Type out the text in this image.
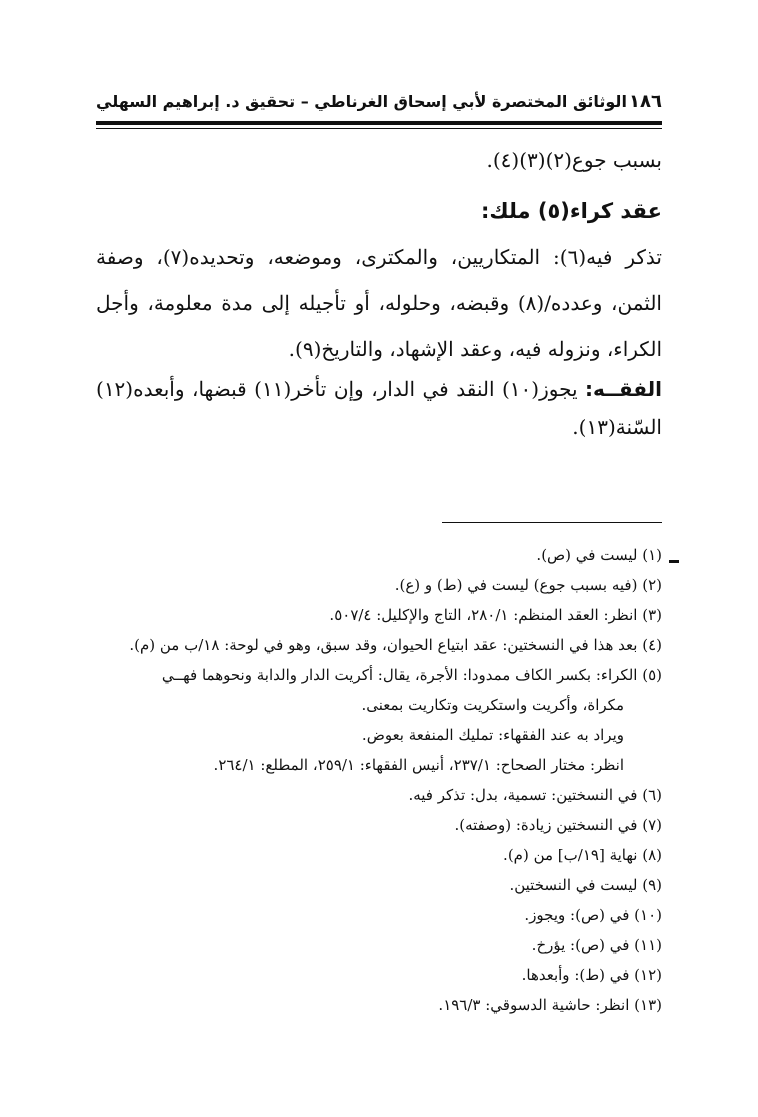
١٨٦
الوثائق المختصرة لأبي إسحاق الغرناطي – تحقيق د. إبراهيم السهلي
بسبب جوع(٢)(٣)(٤).
عقد كراء(٥) ملك:
تذكر فيه(٦): المتكاريين، والمكترى، وموضعه، وتحديده(٧)، وصفة الثمن، وعدده/(٨) وقبضه، وحلوله، أو تأجيله إلى مدة معلومة، وأجل الكراء، ونزوله فيه، وعقد الإشهاد، والتاريخ(٩).
الفقــه: يجوز(١٠) النقد في الدار، وإن تأخر(١١) قبضها، وأبعده(١٢) السّنة(١٣).
(١) ليست في (ص).
(٢) (فيه بسبب جوع) ليست في (ط) و (ع).
(٣) انظر: العقد المنظم: ٢٨٠/١، التاج والإكليل: ٥٠٧/٤.
(٤) بعد هذا في النسختين: عقد ابتياع الحيوان، وقد سبق، وهو في لوحة: ١٨/ب من (م).
(٥) الكراء: بكسر الكاف ممدودا: الأجرة، يقال: أكريت الدار والدابة ونحوهما فهــي
مكراة، وأكريت واستكريت وتكاريت بمعنى.
ويراد به عند الفقهاء: تمليك المنفعة بعوض.
انظر: مختار الصحاح: ٢٣٧/١، أنيس الفقهاء: ٢٥٩/١، المطلع: ٢٦٤/١.
(٦) في النسختين: تسمية، بدل: تذكر فيه.
(٧) في النسختين زيادة: (وصفته).
(٨) نهاية [١٩/ب] من (م).
(٩) ليست في النسختين.
(١٠) في (ص): ويجوز.
(١١) في (ص): يؤرخ.
(١٢) في (ط): وأبعدها.
(١٣) انظر: حاشية الدسوقي: ١٩٦/٣.
